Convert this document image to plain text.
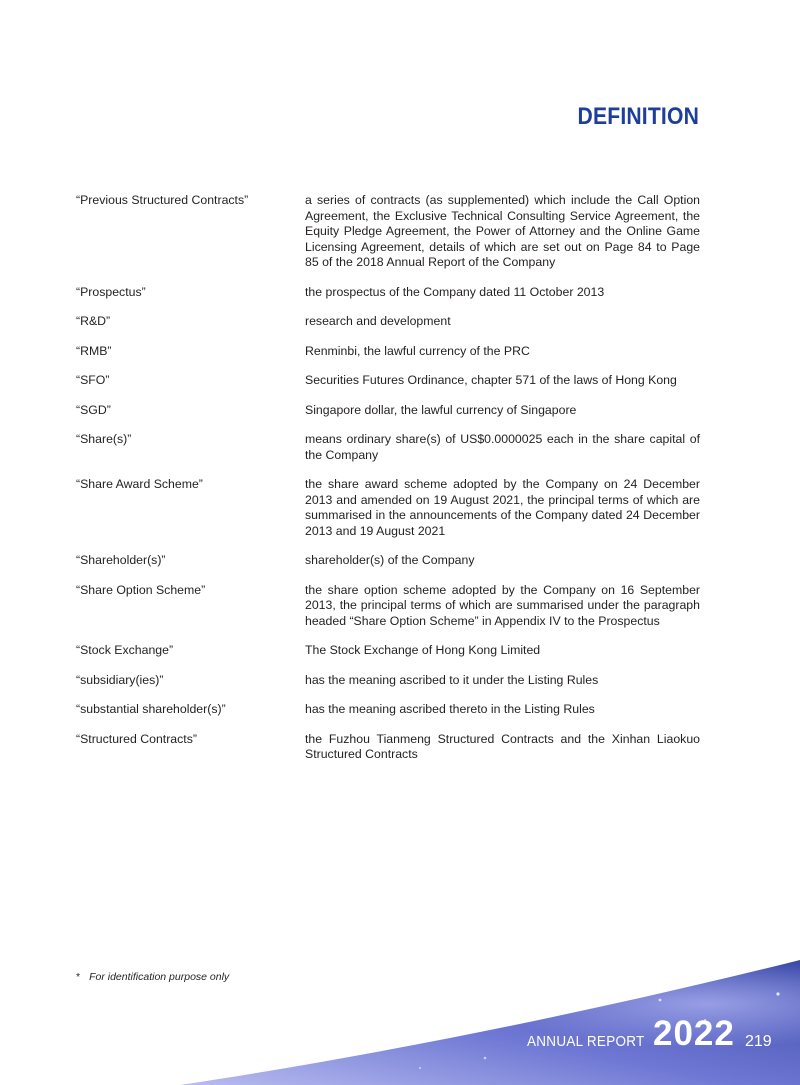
DEFINITION
“Previous Structured Contracts”	a series of contracts (as supplemented) which include the Call Option Agreement, the Exclusive Technical Consulting Service Agreement, the Equity Pledge Agreement, the Power of Attorney and the Online Game Licensing Agreement, details of which are set out on Page 84 to Page 85 of the 2018 Annual Report of the Company
“Prospectus”	the prospectus of the Company dated 11 October 2013
“R&D”	research and development
“RMB”	Renminbi, the lawful currency of the PRC
“SFO”	Securities Futures Ordinance, chapter 571 of the laws of Hong Kong
“SGD”	Singapore dollar, the lawful currency of Singapore
“Share(s)”	means ordinary share(s) of US$0.0000025 each in the share capital of the Company
“Share Award Scheme”	the share award scheme adopted by the Company on 24 December 2013 and amended on 19 August 2021, the principal terms of which are summarised in the announcements of the Company dated 24 December 2013 and 19 August 2021
“Shareholder(s)”	shareholder(s) of the Company
“Share Option Scheme”	the share option scheme adopted by the Company on 16 September 2013, the principal terms of which are summarised under the paragraph headed “Share Option Scheme” in Appendix IV to the Prospectus
“Stock Exchange”	The Stock Exchange of Hong Kong Limited
“subsidiary(ies)”	has the meaning ascribed to it under the Listing Rules
“substantial shareholder(s)”	has the meaning ascribed thereto in the Listing Rules
“Structured Contracts”	the Fuzhou Tianmeng Structured Contracts and the Xinhan Liaokuo Structured Contracts
* For identification purpose only
ANNUAL REPORT 2022 219
